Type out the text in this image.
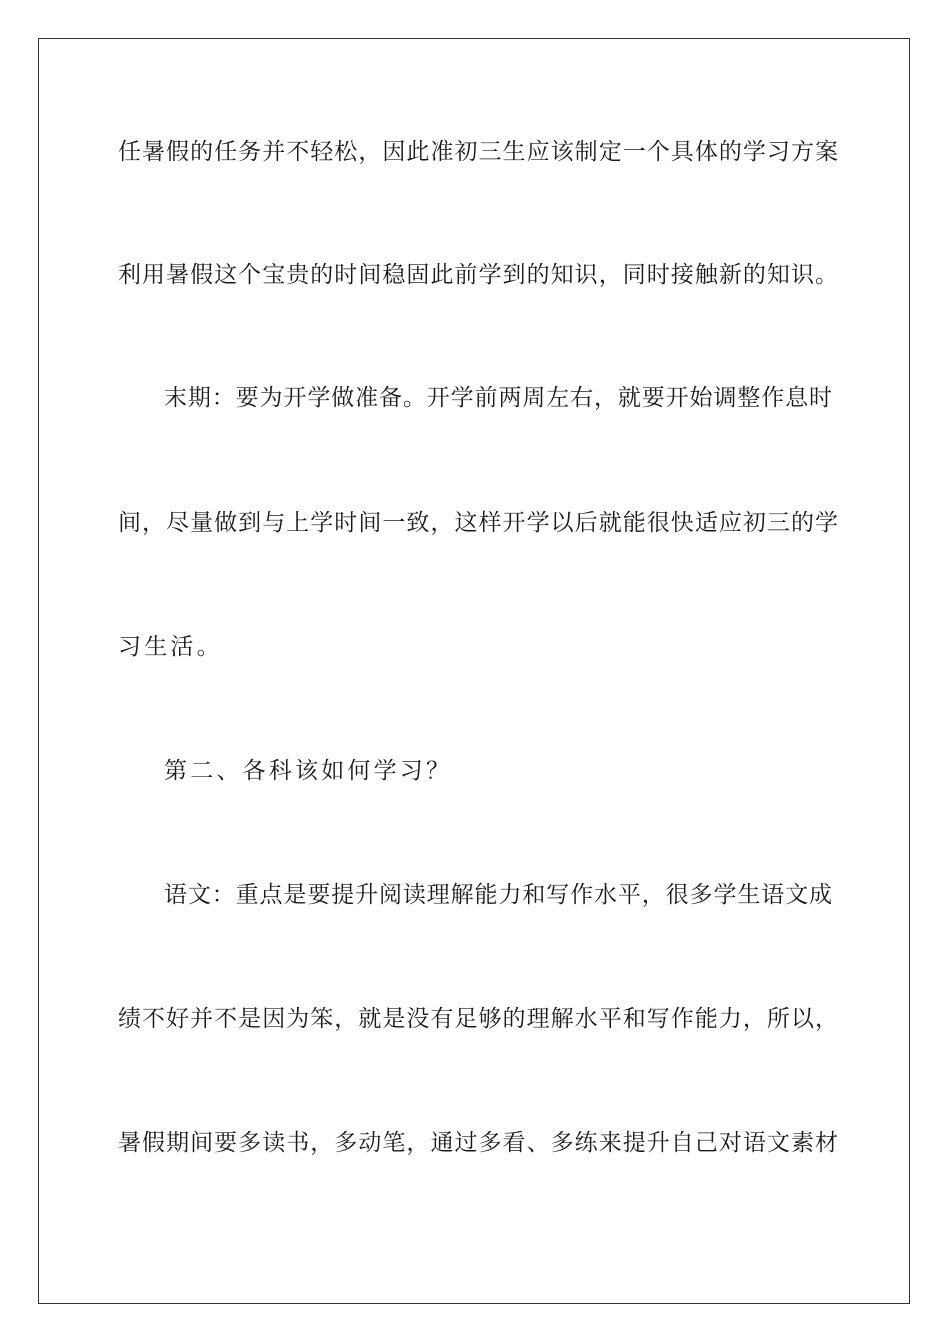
任暑假的任务并不轻松，因此准初三生应该制定一个具体的学习方案

利用暑假这个宝贵的时间稳固此前学到的知识，同时接触新的知识。

末期：要为开学做准备。开学前两周左右，就要开始调整作息时

间，尽量做到与上学时间一致，这样开学以后就能很快适应初三的学

习生活。

第二、各科该如何学习？

语文：重点是要提升阅读理解能力和写作水平，很多学生语文成

绩不好并不是因为笨，就是没有足够的理解水平和写作能力，所以，

暑假期间要多读书，多动笔，通过多看、多练来提升自己对语文素材
